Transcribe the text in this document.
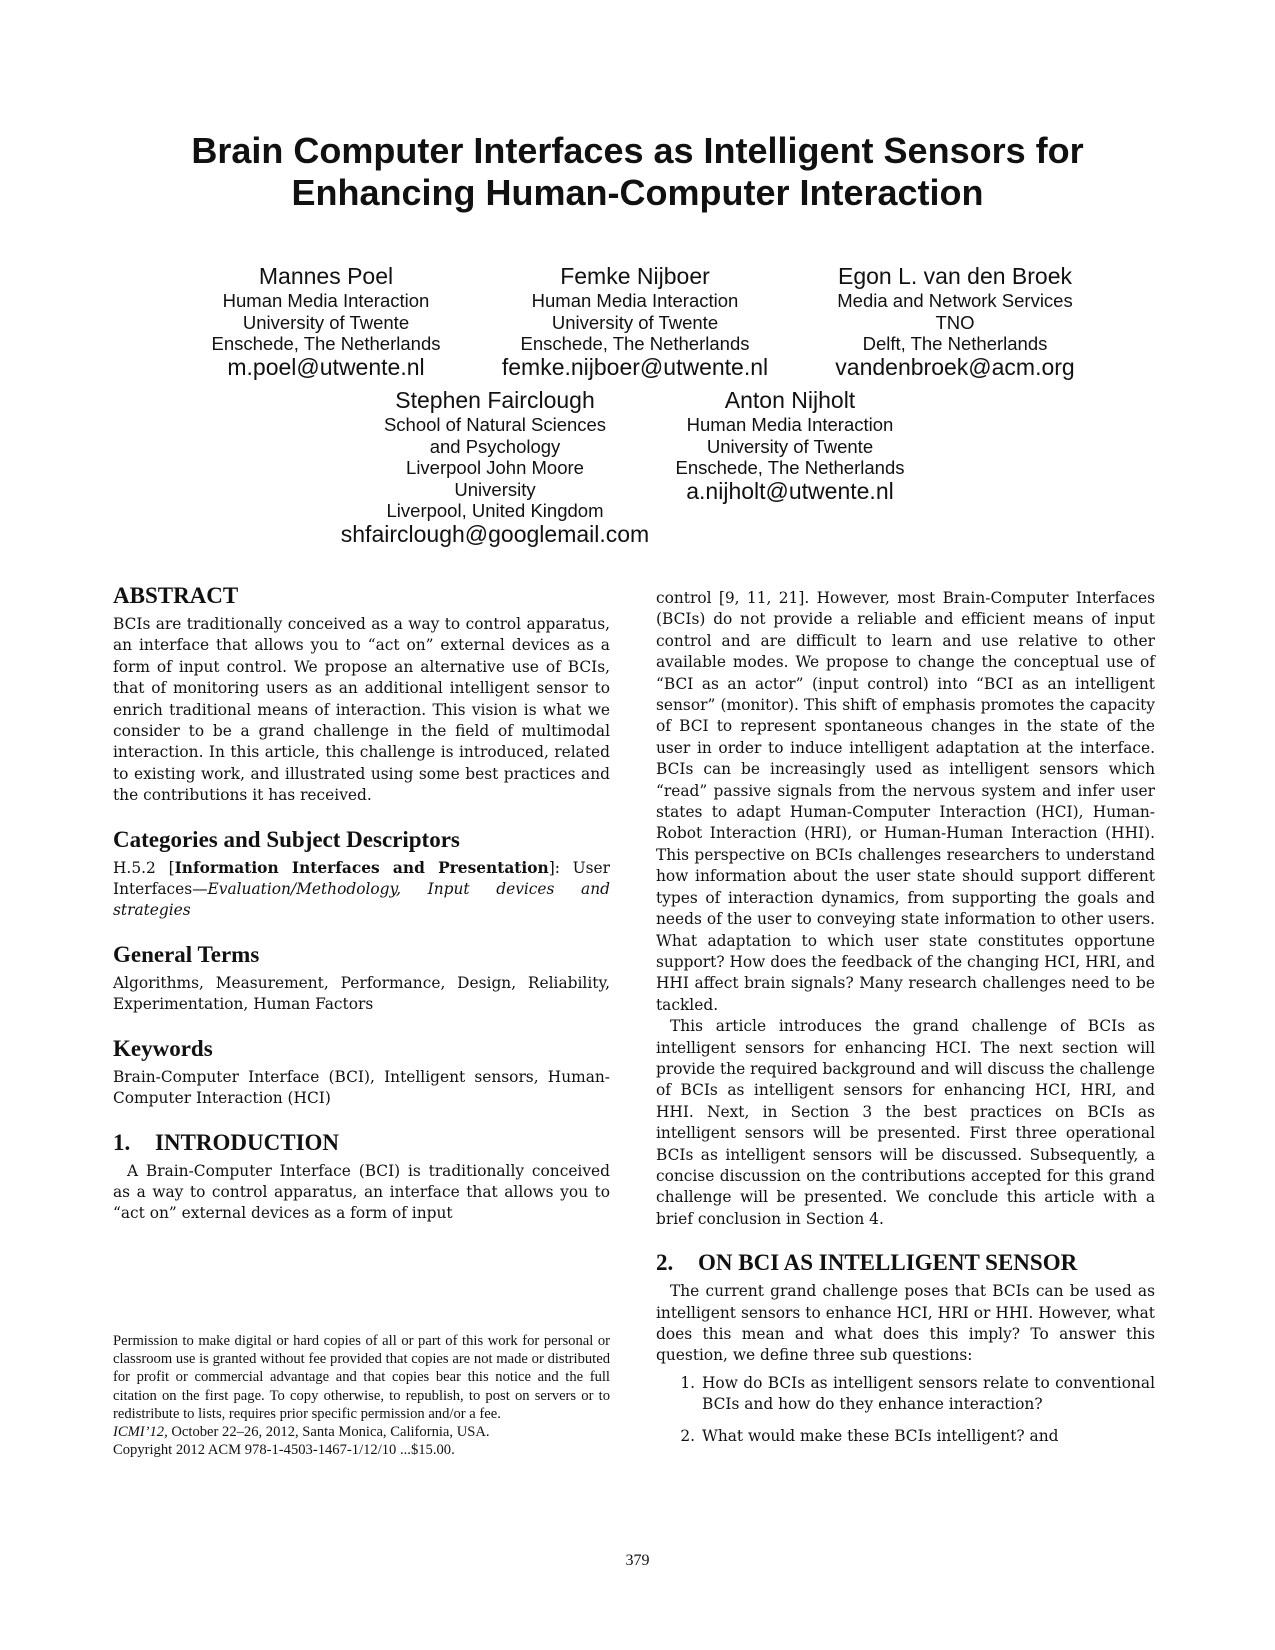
Brain Computer Interfaces as Intelligent Sensors for
Enhancing Human-Computer Interaction
Mannes Poel
Human Media Interaction
University of Twente
Enschede, The Netherlands
m.poel@utwente.nl
Femke Nijboer
Human Media Interaction
University of Twente
Enschede, The Netherlands
femke.nijboer@utwente.nl
Egon L. van den Broek
Media and Network Services
TNO
Delft, The Netherlands
vandenbroek@acm.org
Stephen Fairclough
School of Natural Sciences
and Psychology
Liverpool John Moore
University
Liverpool, United Kingdom
shfairclough@googlemail.com
Anton Nijholt
Human Media Interaction
University of Twente
Enschede, The Netherlands
a.nijholt@utwente.nl
ABSTRACT

BCIs are traditionally conceived as a way to control apparatus, an interface that allows you to “act on” external devices as a form of input control. We propose an alternative use of BCIs, that of monitoring users as an additional intelligent sensor to enrich traditional means of interaction. This vision is what we consider to be a grand challenge in the field of multimodal interaction. In this article, this challenge is introduced, related to existing work, and illustrated using some best practices and the contributions it has received.

Categories and Subject Descriptors

H.5.2 [Information Interfaces and Presentation]: User Interfaces—Evaluation/Methodology, Input devices and strategies

General Terms

Algorithms, Measurement, Performance, Design, Reliability, Experimentation, Human Factors

Keywords

Brain-Computer Interface (BCI), Intelligent sensors, Human-Computer Interaction (HCI)

1. INTRODUCTION

A Brain-Computer Interface (BCI) is traditionally conceived as a way to control apparatus, an interface that allows you to “act on” external devices as a form of input

Permission to make digital or hard copies of all or part of this work for personal or classroom use is granted without fee provided that copies are not made or distributed for profit or commercial advantage and that copies bear this notice and the full citation on the first page. To copy otherwise, to republish, to post on servers or to redistribute to lists, requires prior specific permission and/or a fee.

ICMI’12, October 22–26, 2012, Santa Monica, California, USA.

Copyright 2012 ACM 978-1-4503-1467-1/12/10 ...$15.00.

control [9, 11, 21]. However, most Brain-Computer Interfaces (BCIs) do not provide a reliable and efficient means of input control and are difficult to learn and use relative to other available modes. We propose to change the conceptual use of “BCI as an actor” (input control) into “BCI as an intelligent sensor” (monitor). This shift of emphasis promotes the capacity of BCI to represent spontaneous changes in the state of the user in order to induce intelligent adaptation at the interface. BCIs can be increasingly used as intelligent sensors which “read” passive signals from the nervous system and infer user states to adapt Human-Computer Interaction (HCI), Human-Robot Interaction (HRI), or Human-Human Interaction (HHI). This perspective on BCIs challenges researchers to understand how information about the user state should support different types of interaction dynamics, from supporting the goals and needs of the user to conveying state information to other users. What adaptation to which user state constitutes opportune support? How does the feedback of the changing HCI, HRI, and HHI affect brain signals? Many research challenges need to be tackled.

This article introduces the grand challenge of BCIs as intelligent sensors for enhancing HCI. The next section will provide the required background and will discuss the challenge of BCIs as intelligent sensors for enhancing HCI, HRI, and HHI. Next, in Section 3 the best practices on BCIs as intelligent sensors will be presented. First three operational BCIs as intelligent sensors will be discussed. Subsequently, a concise discussion on the contributions accepted for this grand challenge will be presented. We conclude this article with a brief conclusion in Section 4.

2. ON BCI AS INTELLIGENT SENSOR

The current grand challenge poses that BCIs can be used as intelligent sensors to enhance HCI, HRI or HHI. However, what does this mean and what does this imply? To answer this question, we define three sub questions:

1. How do BCIs as intelligent sensors relate to conventional BCIs and how do they enhance interaction?
2. What would make these BCIs intelligent? and
379
